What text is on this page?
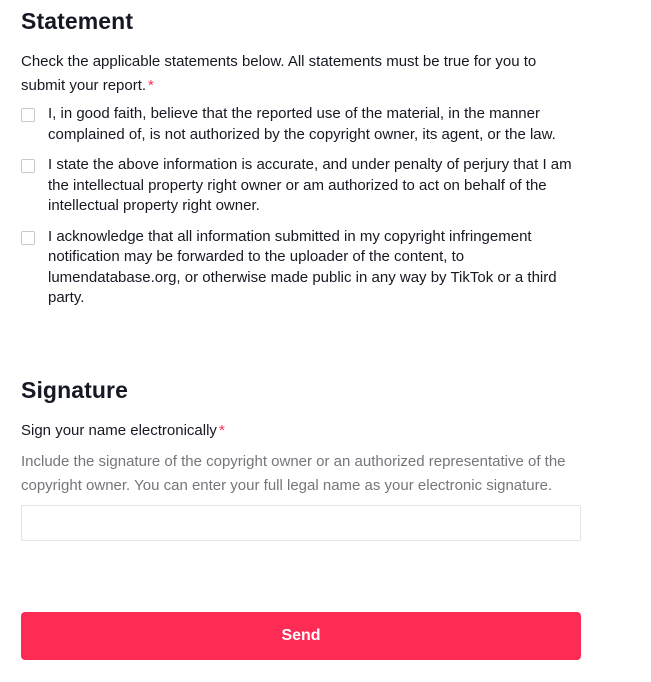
Statement

Check the applicable statements below. All statements must be true for you to submit your report. *

I, in good faith, believe that the reported use of the material, in the manner complained of, is not authorized by the copyright owner, its agent, or the law.
I state the above information is accurate, and under penalty of perjury that I am the intellectual property right owner or am authorized to act on behalf of the intellectual property right owner.
I acknowledge that all information submitted in my copyright infringement notification may be forwarded to the uploader of the content, to lumendatabase.org, or otherwise made public in any way by TikTok or a third party.
Signature
Sign your name electronically *
Include the signature of the copyright owner or an authorized representative of the copyright owner. You can enter your full legal name as your electronic signature.
Send
